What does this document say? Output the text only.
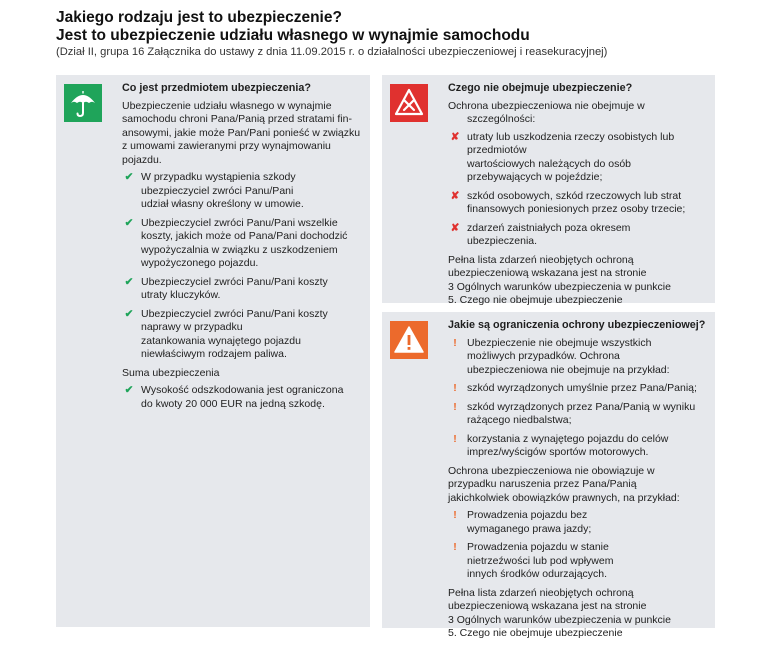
Jakiego rodzaju jest to ubezpieczenie?
Jest to ubezpieczenie udziału własnego w wynajmie samochodu
(Dział II, grupa 16 Załącznika do ustawy z dnia 11.09.2015 r. o działalności ubezpieczeniowej i reasekuracyjnej)
Co jest przedmiotem ubezpieczenia?
Ubezpieczenie udziału własnego w wynajmie
samochodu chroni Pana/Panią przed stratami fin-
ansowymi, jakie może Pan/Pani ponieść w związku
z umowami zawieranymi przy wynajmowaniu
pojazdu.
✔ W przypadku wystąpienia szkody
ubezpieczyciel zwróci Panu/Pani
udział własny określony w umowie.
✔ Ubezpieczyciel zwróci Panu/Pani wszelkie
koszty, jakich może od Pana/Pani dochodzić
wypożyczalnia w związku z uszkodzeniem
wypożyczonego pojazdu.
✔ Ubezpieczyciel zwróci Panu/Pani koszty
utraty kluczyków.
✔ Ubezpieczyciel zwróci Panu/Pani koszty
naprawy w przypadku
zatankowania wynajętego pojazdu
niewłaściwym rodzajem paliwa.
Suma ubezpieczenia
✔ Wysokość odszkodowania jest ograniczona
do kwoty 20 000 EUR na jedną szkodę.
Czego nie obejmuje ubezpieczenie?
Ochrona ubezpieczeniowa nie obejmuje w
szczególności:
✘ utraty lub uszkodzenia rzeczy osobistych lub
przedmiotów
wartościowych należących do osób
przebywających w pojeździe;
✘ szkód osobowych, szkód rzeczowych lub strat
finansowych poniesionych przez osoby trzecie;
✘ zdarzeń zaistniałych poza okresem
ubezpieczenia.
Pełna lista zdarzeń nieobjętych ochroną
ubezpieczeniową wskazana jest na stronie
3 Ogólnych warunków ubezpieczenia w punkcie
5. Czego nie obejmuje ubezpieczenie
Jakie są ograniczenia ochrony ubezpieczeniowej?
! Ubezpieczenie nie obejmuje wszystkich
możliwych przypadków. Ochrona
ubezpieczeniowa nie obejmuje na przykład:
! szkód wyrządzonych umyślnie przez Pana/Panią;
! szkód wyrządzonych przez Pana/Panią w wyniku
rażącego niedbalstwa;
! korzystania z wynajętego pojazdu do celów
imprez/wyścigów sportów motorowych.
Ochrona ubezpieczeniowa nie obowiązuje w
przypadku naruszenia przez Pana/Panią
jakichkolwiek obowiązków prawnych, na przykład:
! Prowadzenia pojazdu bez
wymaganego prawa jazdy;
! Prowadzenia pojazdu w stanie
nietrzeźwości lub pod wpływem
innych środków odurzających.
Pełna lista zdarzeń nieobjętych ochroną
ubezpieczeniową wskazana jest na stronie
3 Ogólnych warunków ubezpieczenia w punkcie
5. Czego nie obejmuje ubezpieczenie
